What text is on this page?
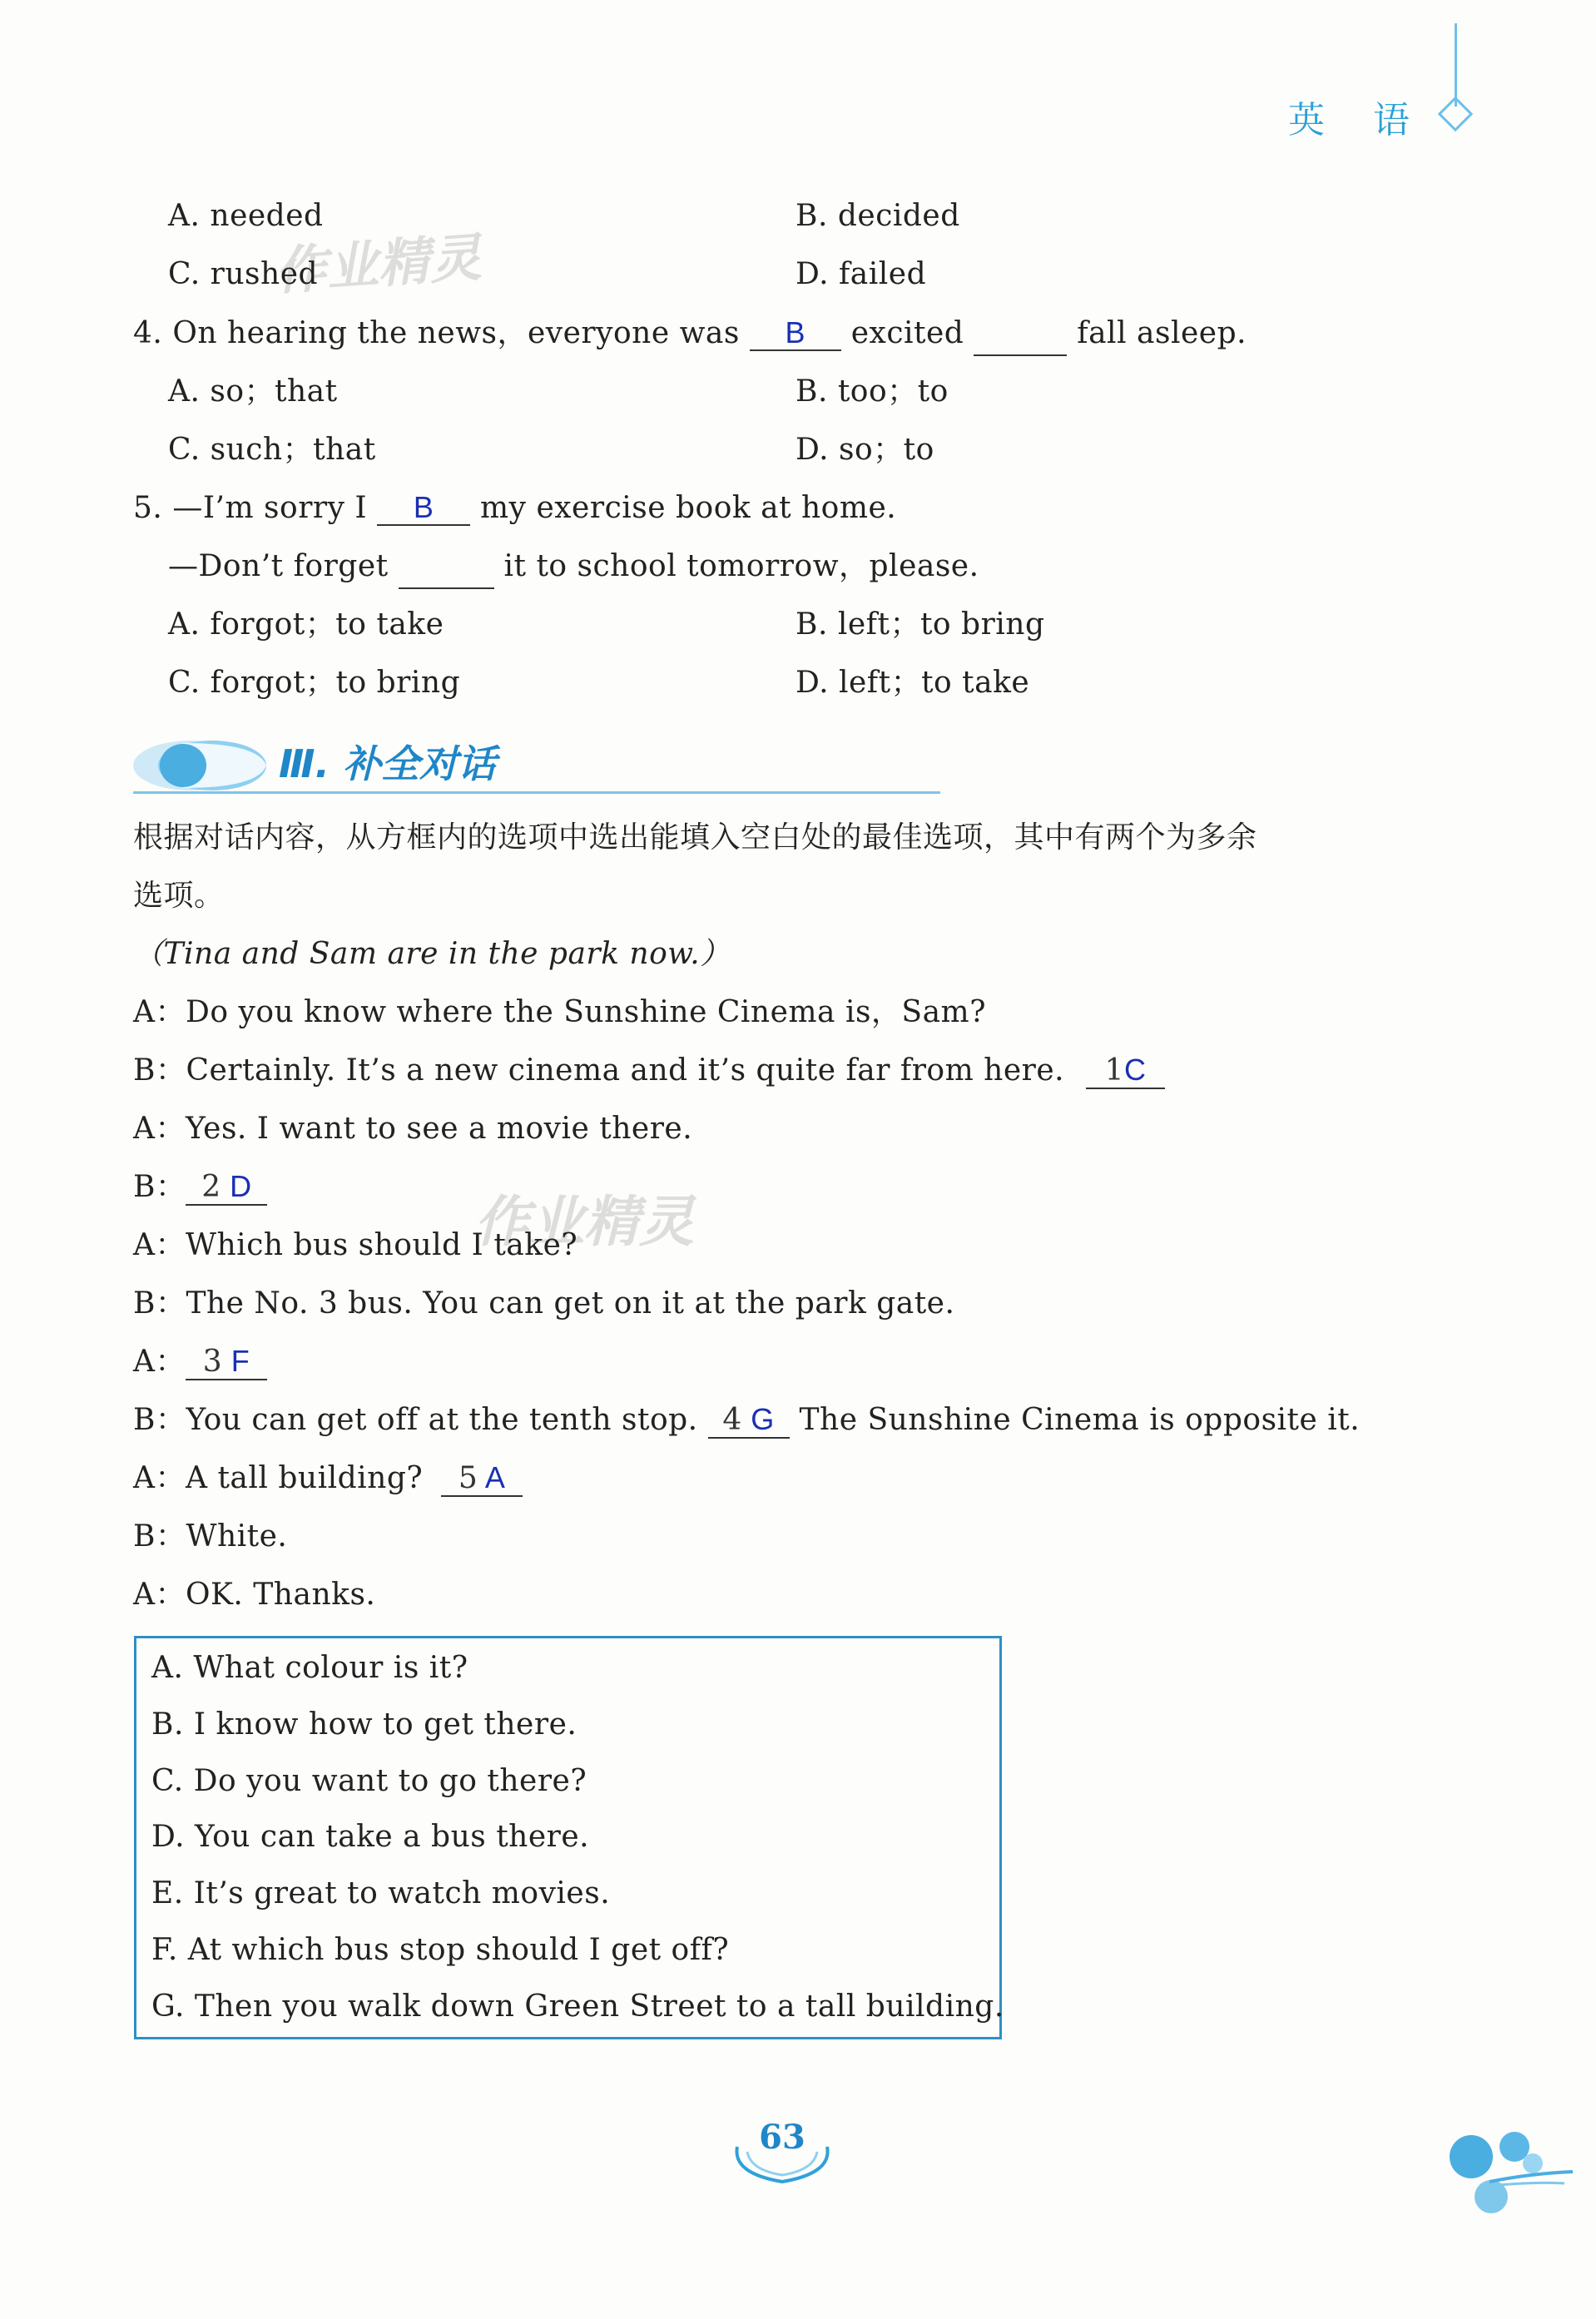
英 语
作业精灵
作业精灵
A. needed	B. decided
C. rushed	D. failed
4. On hearing the news，everyone was B excited	fall asleep.
A. so；that	B. too；to
C. such；that	D. so；to
5. —I’m sorry I B my exercise book at home.
—Don’t forget	it to school tomorrow，please.
A. forgot；to take	B. left；to bring
C. forgot；to bring	D. left；to take
Ⅲ. 补全对话
根据对话内容，从方框内的选项中选出能填入空白处的最佳选项，其中有两个为多余
选项。
（Tina and Sam are in the park now.）
A：Do you know where the Sunshine Cinema is，Sam?
B：Certainly. It’s a new cinema and it’s quite far from here. 1C
A：Yes. I want to see a movie there.
B： 2 D
A：Which bus should I take?
B：The No. 3 bus. You can get on it at the park gate.
A： 3 F
B：You can get off at the tenth stop. 4 G The Sunshine Cinema is opposite it.
A：A tall building? 5 A
B：White.
A：OK. Thanks.
A. What colour is it?
B. I know how to get there.
C. Do you want to go there?
D. You can take a bus there.
E. It’s great to watch movies.
F. At which bus stop should I get off?
G. Then you walk down Green Street to a tall building.
63
